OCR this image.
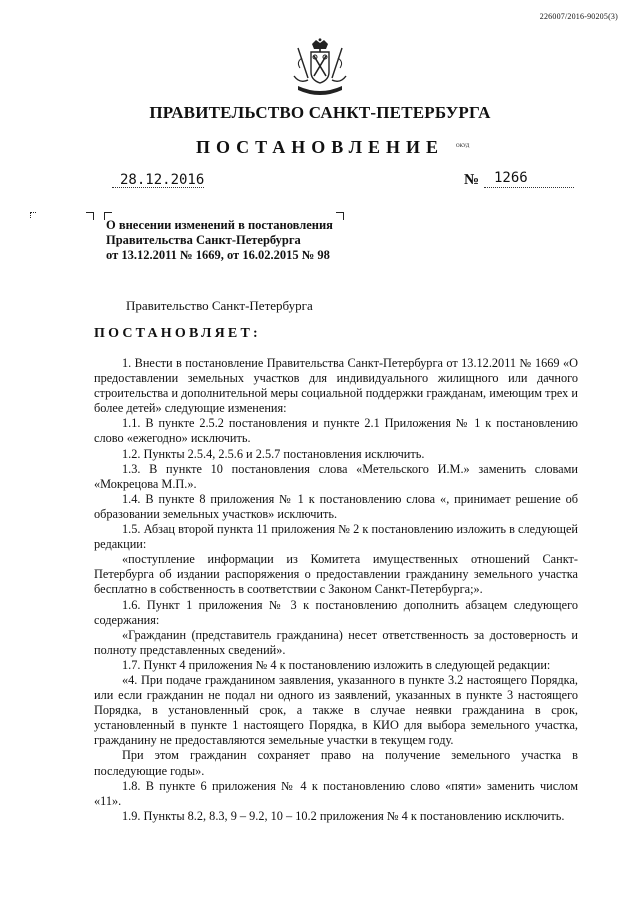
226007/2016-90205(3)
ПРАВИТЕЛЬСТВО САНКТ-ПЕТЕРБУРГА
ПОСТАНОВЛЕНИЕ	ОКУД
28.12.2016	№ 1266
О внесении изменений в постановления
Правительства Санкт-Петербурга
от 13.12.2011 № 1669, от 16.02.2015 № 98
Правительство Санкт-Петербурга
ПОСТАНОВЛЯЕТ:

1. Внести в постановление Правительства Санкт-Петербурга от 13.12.2011 № 1669 «О предоставлении земельных участков для индивидуального жилищного или дачного строительства и дополнительной меры социальной поддержки гражданам, имеющим трех и более детей» следующие изменения:

1.1. В пункте 2.5.2 постановления и пункте 2.1 Приложения № 1 к постановлению слово «ежегодно» исключить.

1.2. Пункты 2.5.4, 2.5.6 и 2.5.7 постановления исключить.

1.3. В пункте 10 постановления слова «Метельского И.М.» заменить словами «Мокрецова М.П.».

1.4. В пункте 8 приложения № 1 к постановлению слова «, принимает решение об образовании земельных участков» исключить.

1.5. Абзац второй пункта 11 приложения № 2 к постановлению изложить в следующей редакции:

«поступление информации из Комитета имущественных отношений Санкт-Петербурга об издании распоряжения о предоставлении гражданину земельного участка бесплатно в собственность в соответствии с Законом Санкт-Петербурга;».

1.6. Пункт 1 приложения № 3 к постановлению дополнить абзацем следующего содержания:

«Гражданин (представитель гражданина) несет ответственность за достоверность и полноту представленных сведений».

1.7. Пункт 4 приложения № 4 к постановлению изложить в следующей редакции:

«4. При подаче гражданином заявления, указанного в пункте 3.2 настоящего Порядка, или если гражданин не подал ни одного из заявлений, указанных в пункте 3 настоящего Порядка, в установленный срок, а также в случае неявки гражданина в срок, установленный в пункте 1 настоящего Порядка, в КИО для выбора земельного участка, гражданину не предоставляются земельные участки в текущем году.

При этом гражданин сохраняет право на получение земельного участка в последующие годы».

1.8. В пункте 6 приложения № 4 к постановлению слово «пяти» заменить числом «11».

1.9. Пункты 8.2, 8.3, 9 – 9.2, 10 – 10.2 приложения № 4 к постановлению исключить.
